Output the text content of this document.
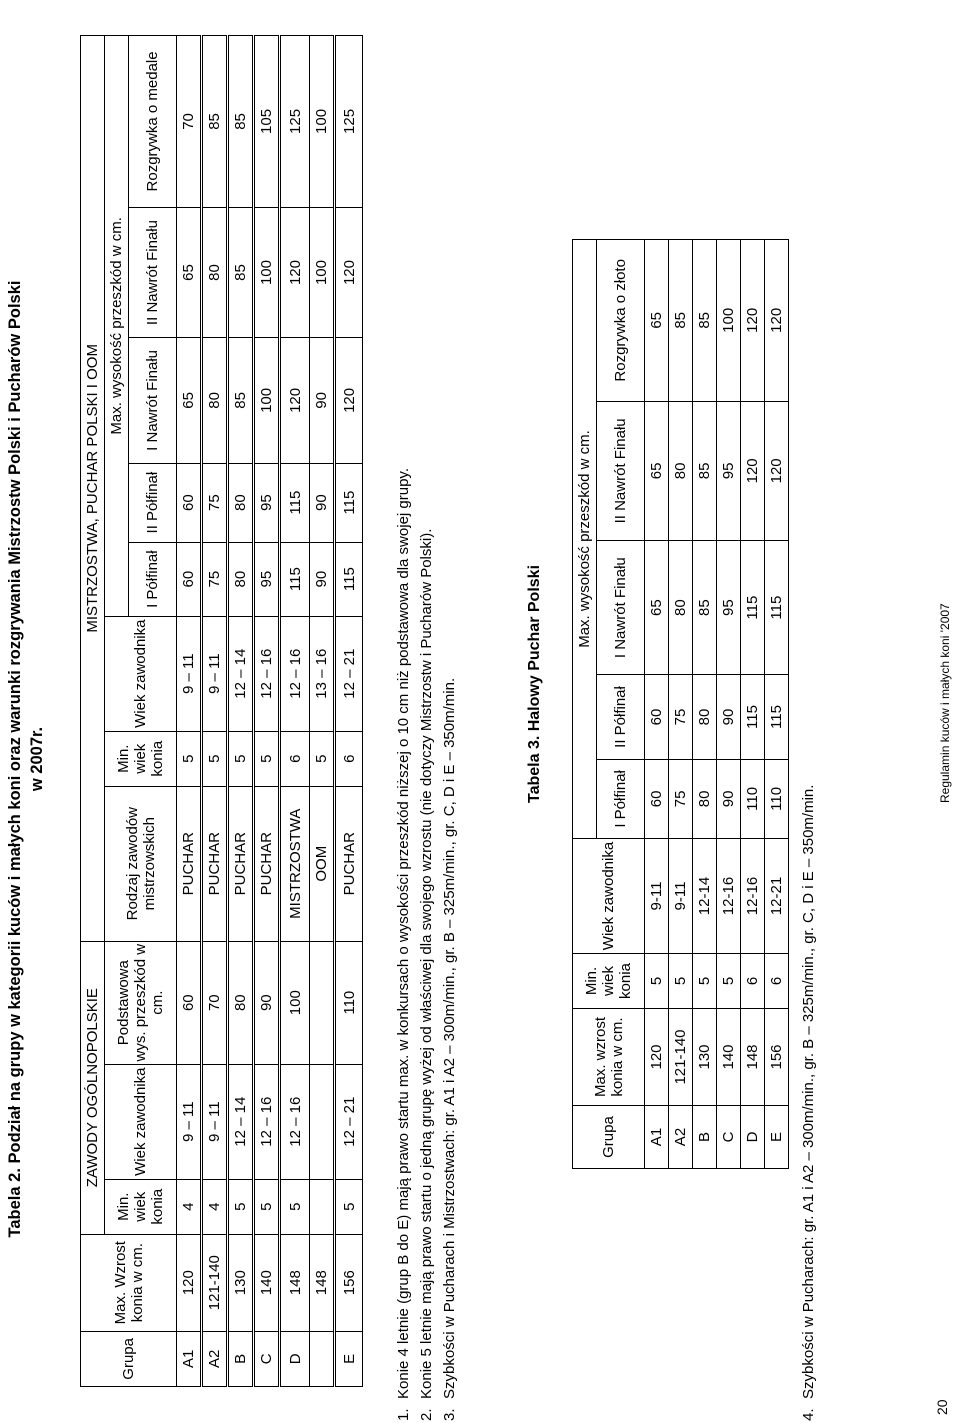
Tabela 2. Podział na grupy w kategorii kuców i małych koni oraz warunki rozgrywania Mistrzostw Polski i Pucharów Polski w 2007r.
Grupa	Max. Wzrost konia w cm.	ZAWODY OGÓLNOPOLSKIE			MISTRZOSTWA, PUCHAR POLSKI I OOM							
		Min. wiek konia	Wiek zawodnika	Podstawowa wys. przeszkód w cm.	Rodzaj zawodów mistrzowskich	Min. wiek konia	Wiek zawodnika	Max. wysokość przeszkód w cm.				
								I Półfinał	II Półfinał	I Nawrót Finału	II Nawrót Finału	Rozgrywka o medale
A1	120	4	9 – 11	60	PUCHAR	5	9 – 11	60	60	65	65	70
A2	121-140	4	9 – 11	70	PUCHAR	5	9 – 11	75	75	80	80	85
B	130	5	12 – 14	80	PUCHAR	5	12 – 14	80	80	85	85	85
C	140	5	12 – 16	90	PUCHAR	5	12 – 16	95	95	100	100	105
D	148	5	12 – 16	100	MISTRZOSTWA	6	12 – 16	115	115	120	120	125
	148				OOM	5	13 – 16	90	90	90	100	100
E	156	5	12 – 21	110	PUCHAR	6	12 – 21	115	115	120	120	125
1.Konie 4 letnie (grup B do E) mają prawo startu max. w konkursach o wysokości przeszkód niższej o 10 cm niż podstawowa dla swojej grupy.
2.Konie 5 letnie mają prawo startu o jedną grupę wyżej od właściwej dla swojego wzrostu (nie dotyczy Mistrzostw i Pucharów Polski).
3.Szybkości w Pucharach i Mistrzostwach: gr. A1 i A2 – 300m/min., gr. B – 325m/min., gr. C, D i E – 350m/min.	Tabela 3. Halowy Puchar Polski
Grupa	Max. wzrost konia w cm.	Min. wiek konia	Wiek zawodnika	Max. wysokość przeszkód w cm.				
				I Półfinał	II Półfinał	I Nawrót Finału	II Nawrót Finału	Rozgrywka o złoto
A1	120	5	9-11	60	60	65	65	65
A2	121-140	5	9-11	75	75	80	80	85
B	130	5	12-14	80	80	85	85	85
C	140	5	12-16	90	90	95	95	100
D	148	6	12-16	110	115	115	120	120
E	156	6	12-21	110	115	115	120	120
4.Szybkości w Pucharach: gr. A1 i A2 – 300m/min., gr. B – 325m/min., gr. C, D i E – 350m/min.
20
Regulamin kuców i małych koni '2007
